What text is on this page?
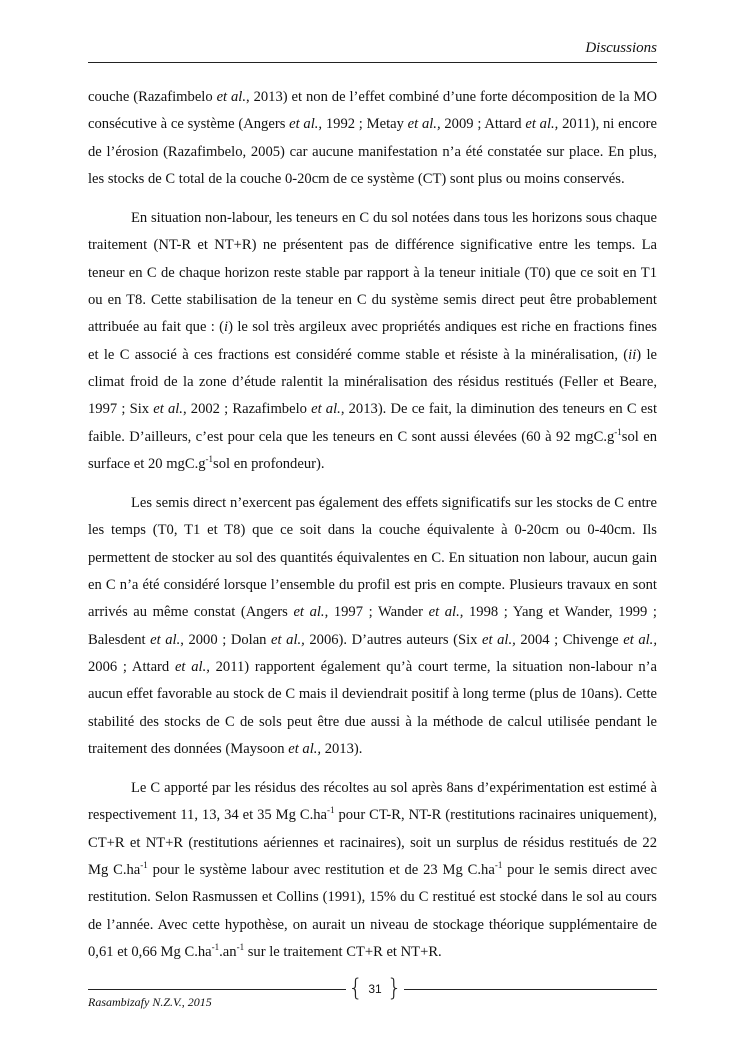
Discussions

couche (Razafimbelo et al., 2013) et non de l’effet combiné d’une forte décomposition de la MO consécutive à ce système (Angers et al., 1992 ; Metay et al., 2009 ; Attard et al., 2011), ni encore de l’érosion (Razafimbelo, 2005) car aucune manifestation n’a été constatée sur place. En plus, les stocks de C total de la couche 0-20cm de ce système (CT) sont plus ou moins conservés.

En situation non-labour, les teneurs en C du sol notées dans tous les horizons sous chaque traitement (NT-R et NT+R) ne présentent pas de différence significative entre les temps. La teneur en C de chaque horizon reste stable par rapport à la teneur initiale (T0) que ce soit en T1 ou en T8. Cette stabilisation de la teneur en C du système semis direct peut être probablement attribuée au fait que : (i) le sol très argileux avec propriétés andiques est riche en fractions fines et le C associé à ces fractions est considéré comme stable et résiste à la minéralisation, (ii) le climat froid de la zone d’étude ralentit la minéralisation des résidus restitués (Feller et Beare, 1997 ; Six et al., 2002 ; Razafimbelo et al., 2013). De ce fait, la diminution des teneurs en C est faible. D’ailleurs, c’est pour cela que les teneurs en C sont aussi élevées (60 à 92 $mgC.g^{-1}sol$ en surface et 20 $mgC.g^{-1}sol$ en profondeur).

Les semis direct n’exercent pas également des effets significatifs sur les stocks de C entre les temps (T0, T1 et T8) que ce soit dans la couche équivalente à 0-20cm ou 0-40cm. Ils permettent de stocker au sol des quantités équivalentes en C. En situation non labour, aucun gain en C n’a été considéré lorsque l’ensemble du profil est pris en compte. Plusieurs travaux en sont arrivés au même constat (Angers et al., 1997 ; Wander et al., 1998 ; Yang et Wander, 1999 ; Balesdent et al., 2000 ; Dolan et al., 2006). D’autres auteurs (Six et al., 2004 ; Chivenge et al., 2006 ; Attard et al., 2011) rapportent également qu’à court terme, la situation non-labour n’a aucun effet favorable au stock de C mais il deviendrait positif à long terme (plus de 10ans). Cette stabilité des stocks de C de sols peut être due aussi à la méthode de calcul utilisée pendant le traitement des données (Maysoon et al., 2013).

Le C apporté par les résidus des récoltes au sol après 8ans d’expérimentation est estimé à respectivement 11, 13, 34 et 35 Mg $C.ha^{-1}$ pour CT-R, NT-R (restitutions racinaires uniquement), CT+R et NT+R (restitutions aériennes et racinaires), soit un surplus de résidus restitués de 22 Mg $C.ha^{-1}$ pour le système labour avec restitution et de 23 Mg $C.ha^{-1}$ pour le semis direct avec restitution. Selon Rasmussen et Collins (1991), 15% du C restitué est stocké dans le sol au cours de l’année. Avec cette hypothèse, on aurait un niveau de stockage théorique supplémentaire de 0,61 et 0,66 Mg $C.ha^{-1}.an^{-1}$ sur le traitement CT+R et NT+R.

{ 31 }
Rasambizafy N.Z.V., 2015
